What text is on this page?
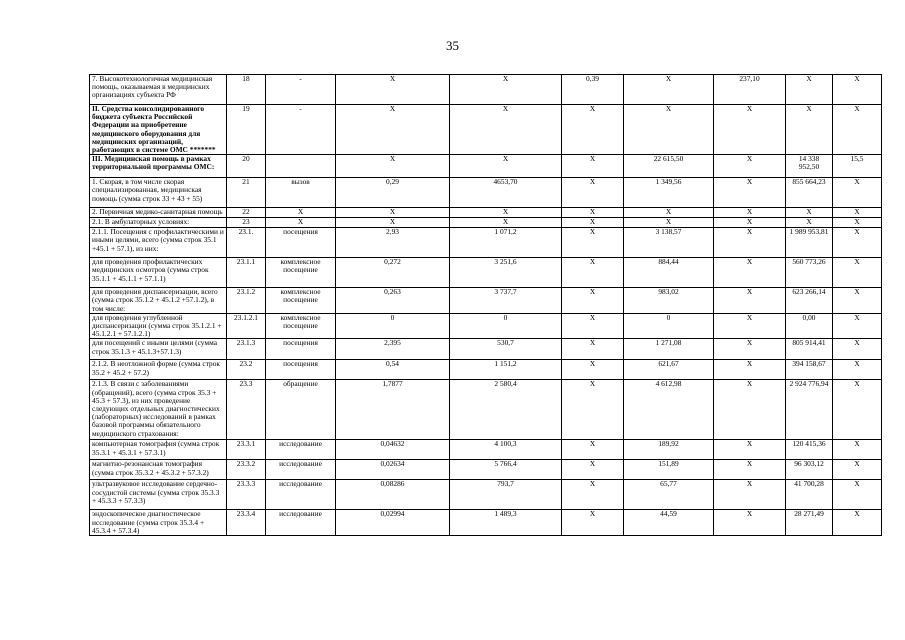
35
7. Высокотехнологичная медицинская помощь, оказываемая в медицинских организациях субъекта РФ	18	-	X	X	0,39	X	237,10	X	X
II. Средства консолидированного бюджета субъекта Российской Федерации на приобретение медицинского оборудования для медицинских организаций, работающих в системе ОМС *******	19	-	X	X	X	X	X	X	X
III. Медицинская помощь в рамках территориальной программы ОМС:	20		X	X	X	22 615,50	X	14 338 952,50	15,5
1. Скорая, в том числе скорая специализированная, медицинская помощь (сумма строк 33 + 43 + 55)	21	вызов	0,29	4653,70	X	1 349,56	X	855 664,23	X
2. Первичная медико-санитарная помощь	22	X	X	X	X	X	X	X	X
2.1. В амбулаторных условиях:	23	X	X	X	X	X	X	X	X
2.1.1. Посещения с профилактическими и иными целями, всего (сумма строк 35.1 +45.1 + 57.1), из них:	23.1.	посещения	2,93	1 071,2	X	3 138,57	X	1 989 953,81	X
для проведения профилактических медицинских осмотров (сумма строк 35.1.1 + 45.1.1 + 57.1.1)	23.1.1	комплексное посещение	0,272	3 251,6	X	884,44	X	560 773,26	X
для проведения диспансеризации, всего (сумма строк 35.1.2 + 45.1.2 +57.1.2), в том числе:	23.1.2	комплексное посещение	0,263	3 737,7	X	983,02	X	623 266,14	X
для проведения углубленной диспансеризации (сумма строк 35.1.2.1 + 45.1.2.1 + 57.1.2.1)	23.1.2.1	комплексное посещение	0	0	X	0	X	0,00	X
для посещений с иными целями (сумма строк 35.1.3 + 45.1.3+57.1.3)	23.1.3	посещения	2,395	530,7	X	1 271,08	X	805 914,41	X
2.1.2. В неотложной форме (сумма строк 35.2 + 45.2 + 57.2)	23.2	посещения	0,54	1 151,2	X	621,67	X	394 158,67	X
2.1.3. В связи с заболеваниями (обращений), всего (сумма строк 35.3 + 45.3 + 57.3), из них проведение следующих отдельных диагностических (лабораторных) исследований в рамках базовой программы обязательного медицинского страхования:	23.3	обращение	1,7877	2 580,4	X	4 612,98	X	2 924 776,94	X
компьютерная томография (сумма строк 35.3.1 + 45.3.1 + 57.3.1)	23.3.1	исследование	0,04632	4 100,3	X	189,92	X	120 415,36	X
магнитно-резонансная томография (сумма строк 35.3.2 + 45.3.2 + 57.3.2)	23.3.2	исследование	0,02634	5 766,4	X	151,89	X	96 303,12	X
ультразвуковое исследование сердечно-сосудистой системы (сумма строк 35.3.3 + 45.3.3 + 57.3.3)	23.3.3	исследование	0,08286	793,7	X	65,77	X	41 700,28	X
эндоскопическое диагностическое исследование (сумма строк 35.3.4 + 45.3.4 + 57.3.4)	23.3.4	исследование	0,02994	1 489,3	X	44,59	X	28 271,49	X
